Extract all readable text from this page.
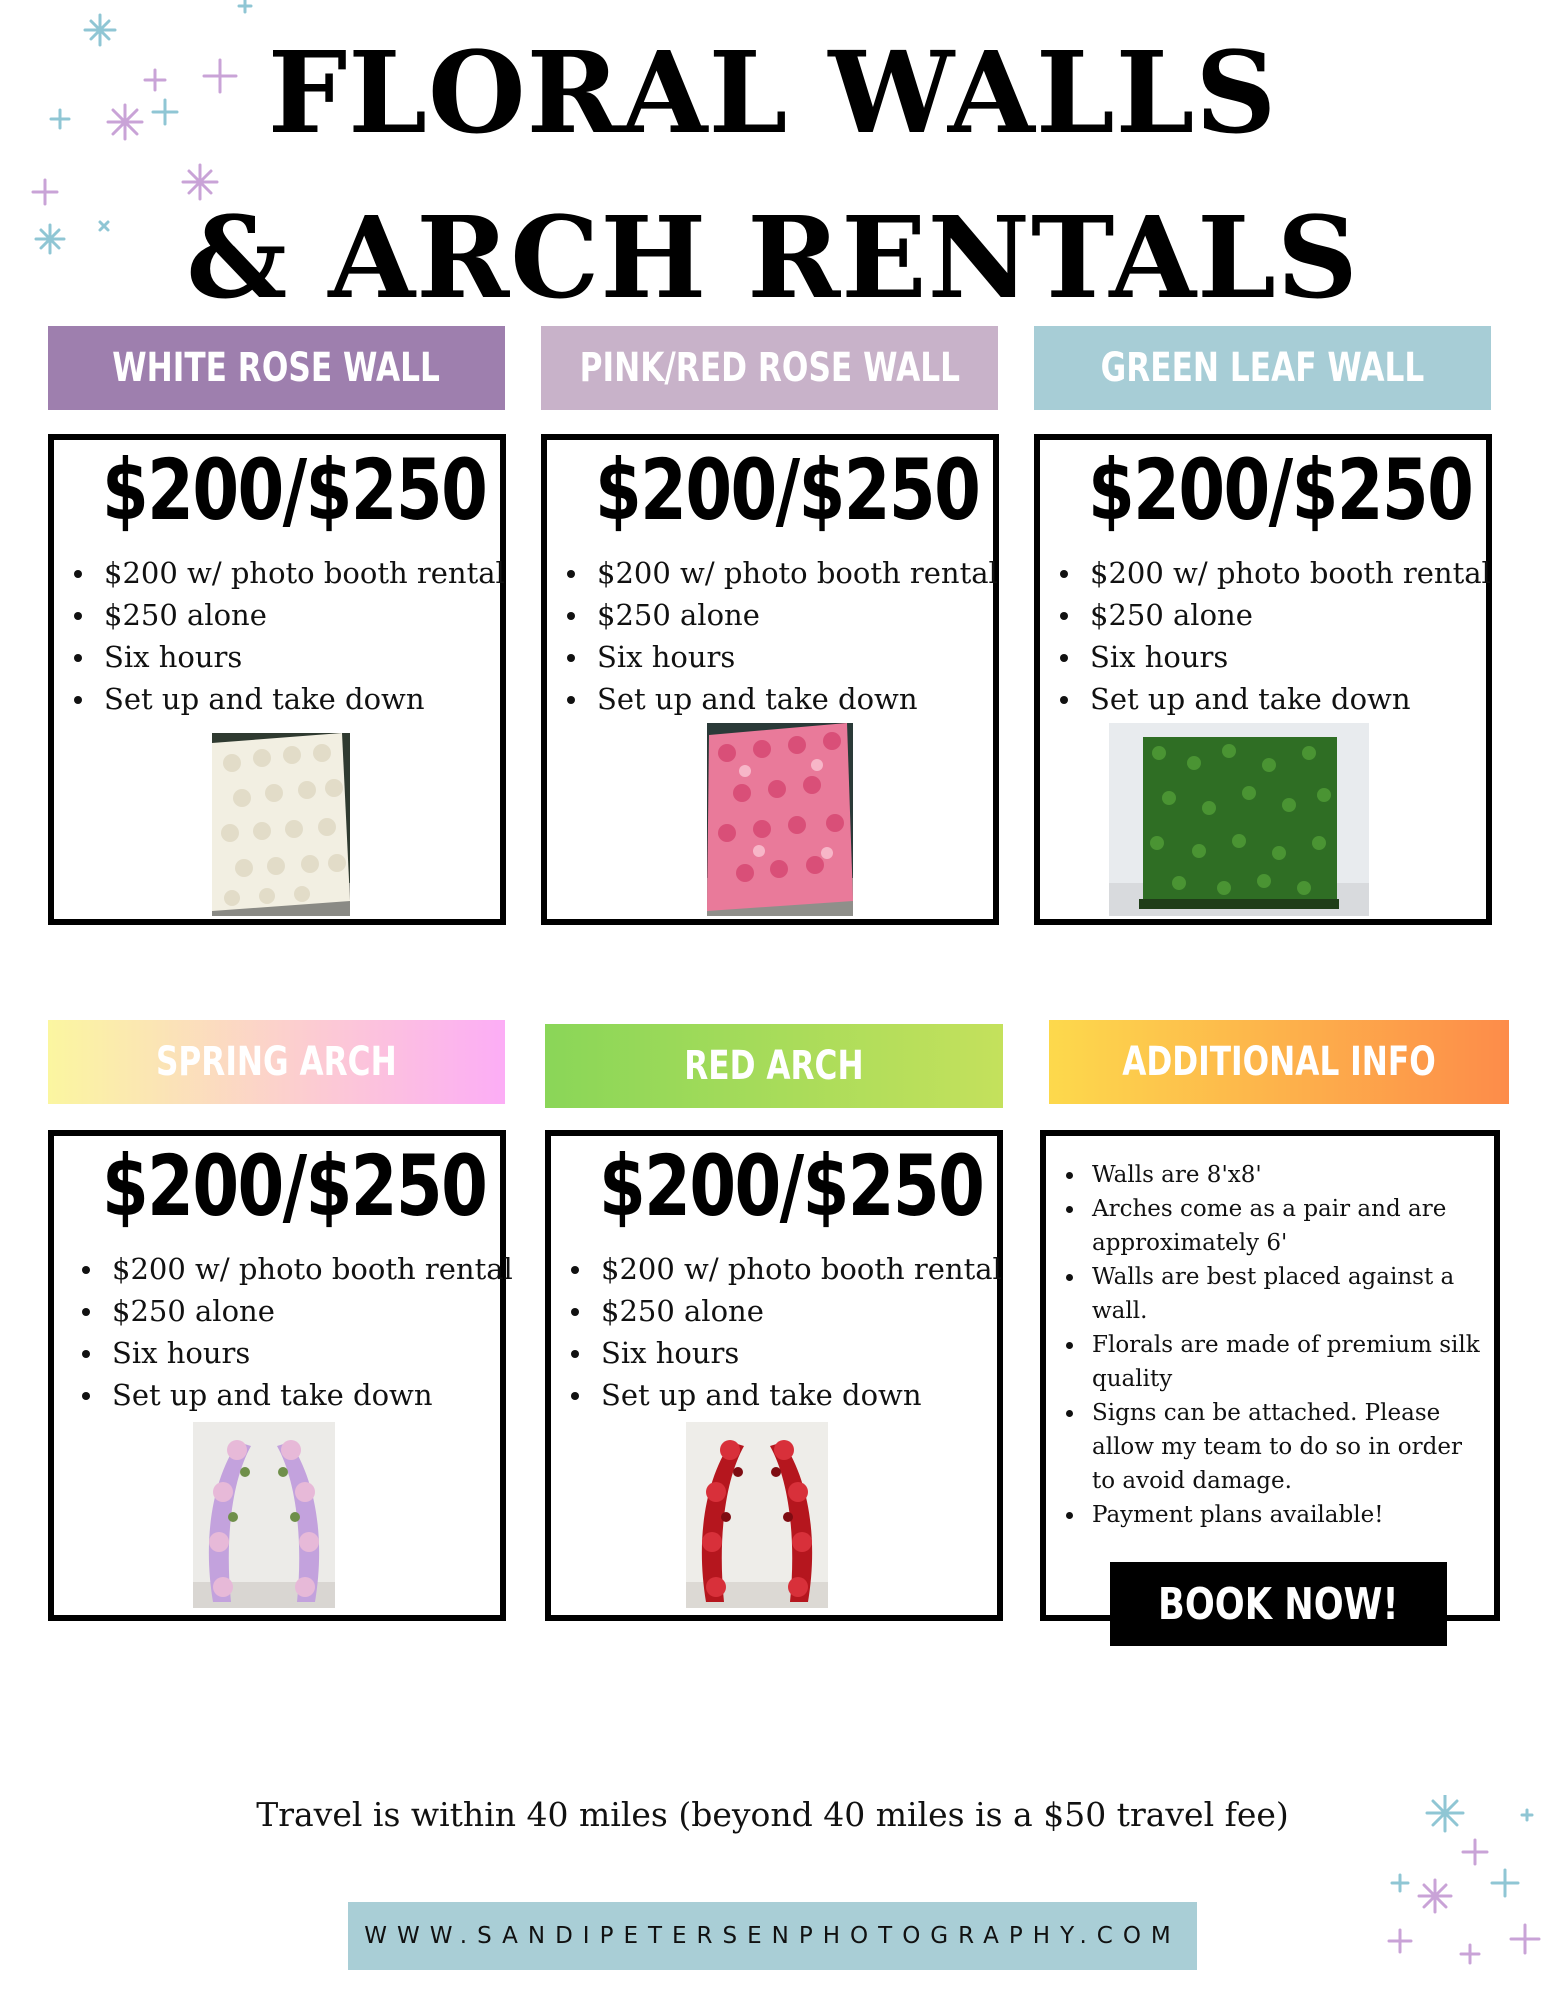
FLORAL WALLS
& ARCH RENTALS
WHITE ROSE WALL	PINK/RED ROSE WALL	GREEN LEAF WALL
$200/$250
$200 w/ photo booth rental
$250 alone
Six hours
Set up and take down
$200/$250
$200 w/ photo booth rental
$250 alone
Six hours
Set up and take down
$200/$250
$200 w/ photo booth rental
$250 alone
Six hours
Set up and take down
SPRING ARCH	RED ARCH	ADDITIONAL INFO
$200/$250
$200 w/ photo booth rental
$250 alone
Six hours
Set up and take down
$200/$250
$200 w/ photo booth rental
$250 alone
Six hours
Set up and take down
Walls are 8'x8'
Arches come as a pair and are approximately 6'
Walls are best placed against a wall.
Florals are made of premium silk quality
Signs can be attached. Please allow my team to do so in order to avoid damage.
Payment plans available!
BOOK NOW!
Travel is within 40 miles (beyond 40 miles is a $50 travel fee)
WWW.SANDIPETERSENPHOTOGRAPHY.COM
